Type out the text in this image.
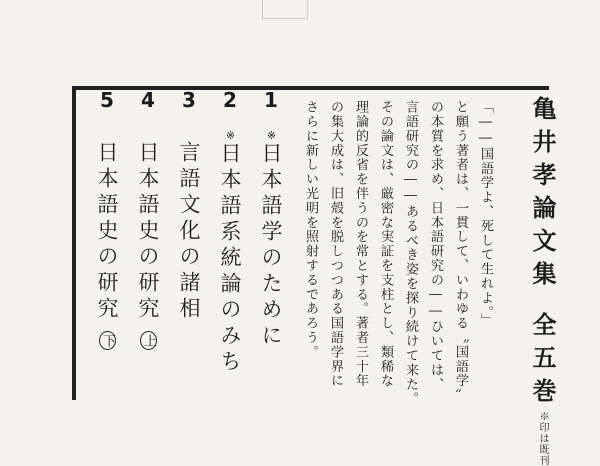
亀井孝論文集全五巻※印は既刊
「――国語学よ、死して生れよ。」
と願う著者は、一貫して、いわゆる〝国語学〟
の本質を求め、日本語研究の――ひいては、
言語研究の――あるべき姿を探り続けて来た。
その論文は、厳密な実証を支柱とし、類稀な
理論的反省を伴うのを常とする。著者三十年
の集大成は、旧殻を脱しつつある国語学界に
さらに新しい光明を照射するであろう。
1※日本語学のために
2※日本語系統論のみち
3言語文化の諸相
4日本語史の研究上
5日本語史の研究下
